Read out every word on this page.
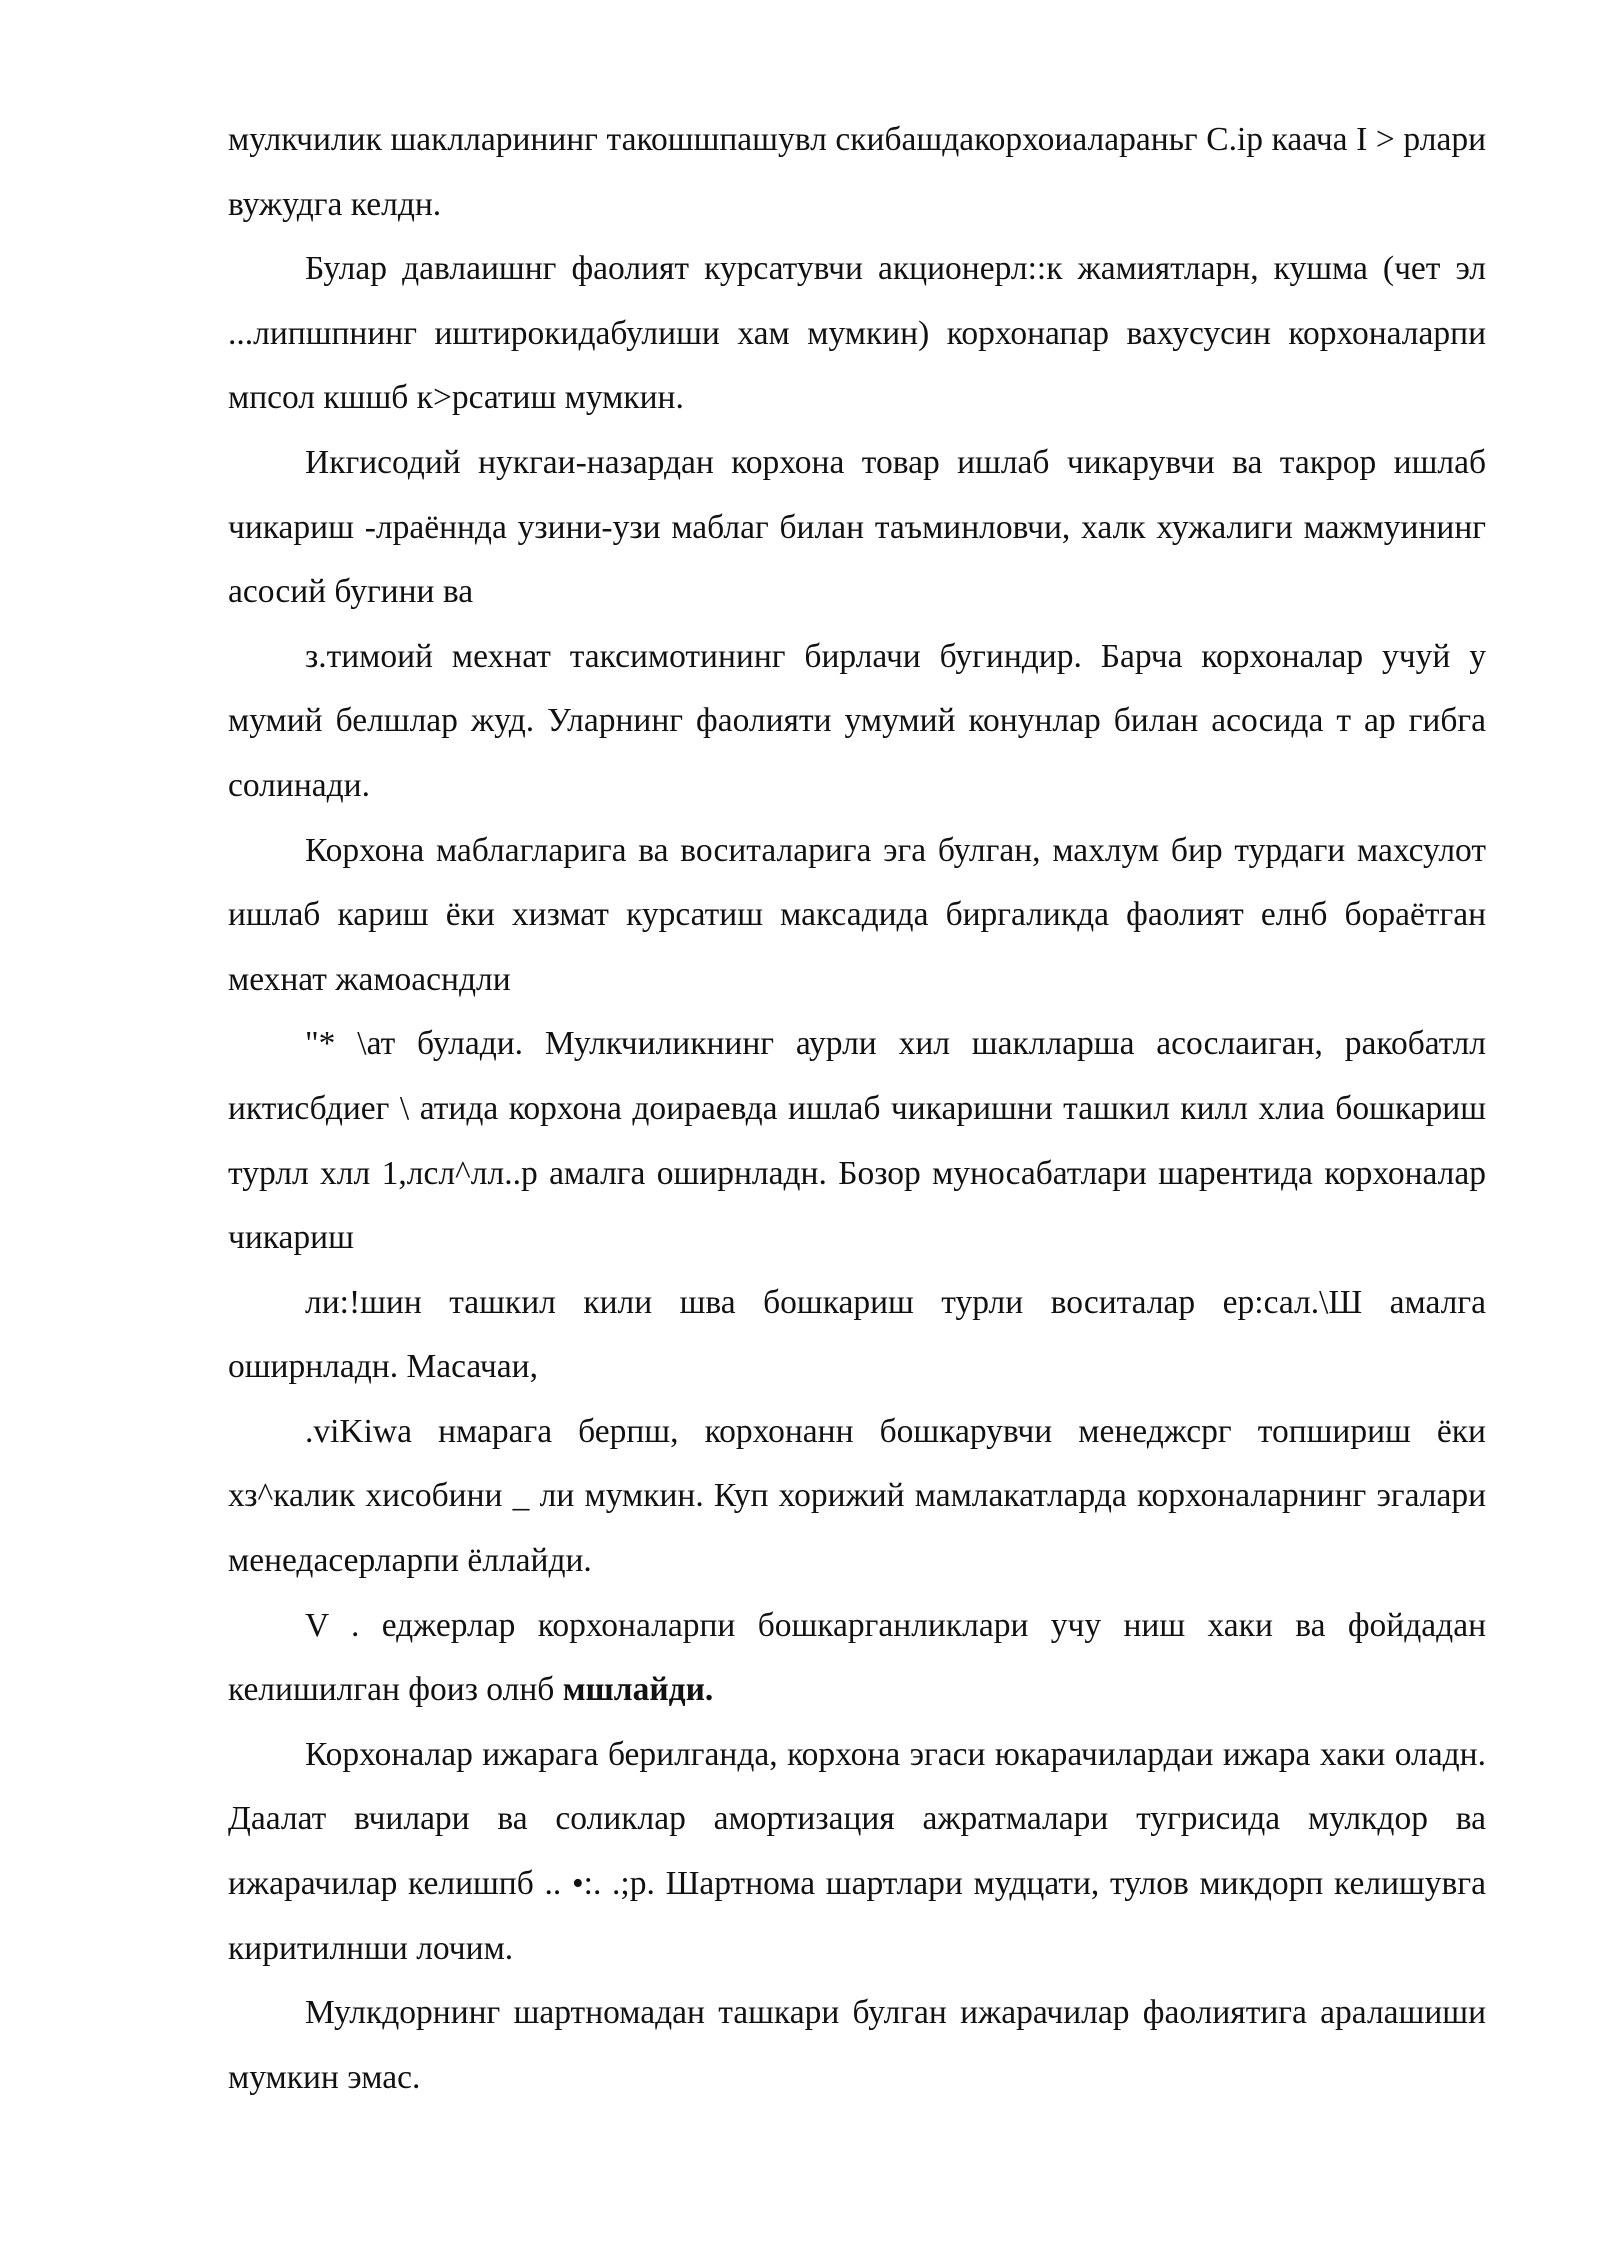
мулкчилик шаклларининг такошшпашувл скибашдакорхоиалараньг C.ip каача I > рлари вужудга келдн.

Булар давлаишнг фаолият курсатувчи акционерл::к жамиятларн, кушма (чет эл ...липшпнинг иштирокидабулиши хам мумкин) корхонапар вахусусин корхоналарпи мпсол кшшб к>рсатиш мумкин.

Икгисодий нукгаи-назардан корхона товар ишлаб чикарувчи ва такрор ишлаб чикариш -лраённда узини-узи маблаг билан таъминловчи, халк хужалиги мажмуининг асосий бугини ва

з.тимоий мехнат таксимотининг бирлачи бугиндир. Барча корхоналар учуй у мумий белшлар жуд. Уларнинг фаолияти умумий конунлар билан асосида т ар гибга солинади.

Корхона маблагларига ва воситаларига эга булган, махлум бир турдаги махсулот ишлаб кариш ёки хизмат курсатиш максадида биргаликда фаолият елнб бораётган мехнат жамоасндли

"* \ат булади. Мулкчиликнинг аурли хил шаклларша асослаиган, ракобатлл иктисбдиег \ атида корхона доираевда ишлаб чикаришни ташкил килл хлиа бошкариш турлл хлл 1,лсл^лл..р амалга оширнладн. Бозор муносабатлари шарентида корхоналар     чикариш

ли:!шин ташкил кили шва бошкариш турли воситалар ер:сал.\Ш амалга оширнладн. Масачаи,

.viKiwa нмарага берпш, корхонанн бошкарувчи менеджсрг топшириш ёки хз^калик хисобини _ ли мумкин. Куп хорижий мамлакатларда корхоналарнинг эгалари менедасерларпи ёллайди.

V . еджерлар корхоналарпи бошкарганликлари учу ниш хаки ва фойдадан келишилган фоиз олнб мшлайди.

Корхоналар ижарага берилганда, корхона эгаси юкарачилардаи ижара хаки оладн. Даалат вчилари ва соликлар амортизация ажратмалари тугрисида мулкдор ва ижарачилар келишпб .. •:. .;р. Шартнома шартлари мудцати, тулов микдорп келишувга киритилнши лочим.

Мулкдорнинг шартномадан ташкари булган ижарачилар фаолиятига аралашиши мумкин эмас.
